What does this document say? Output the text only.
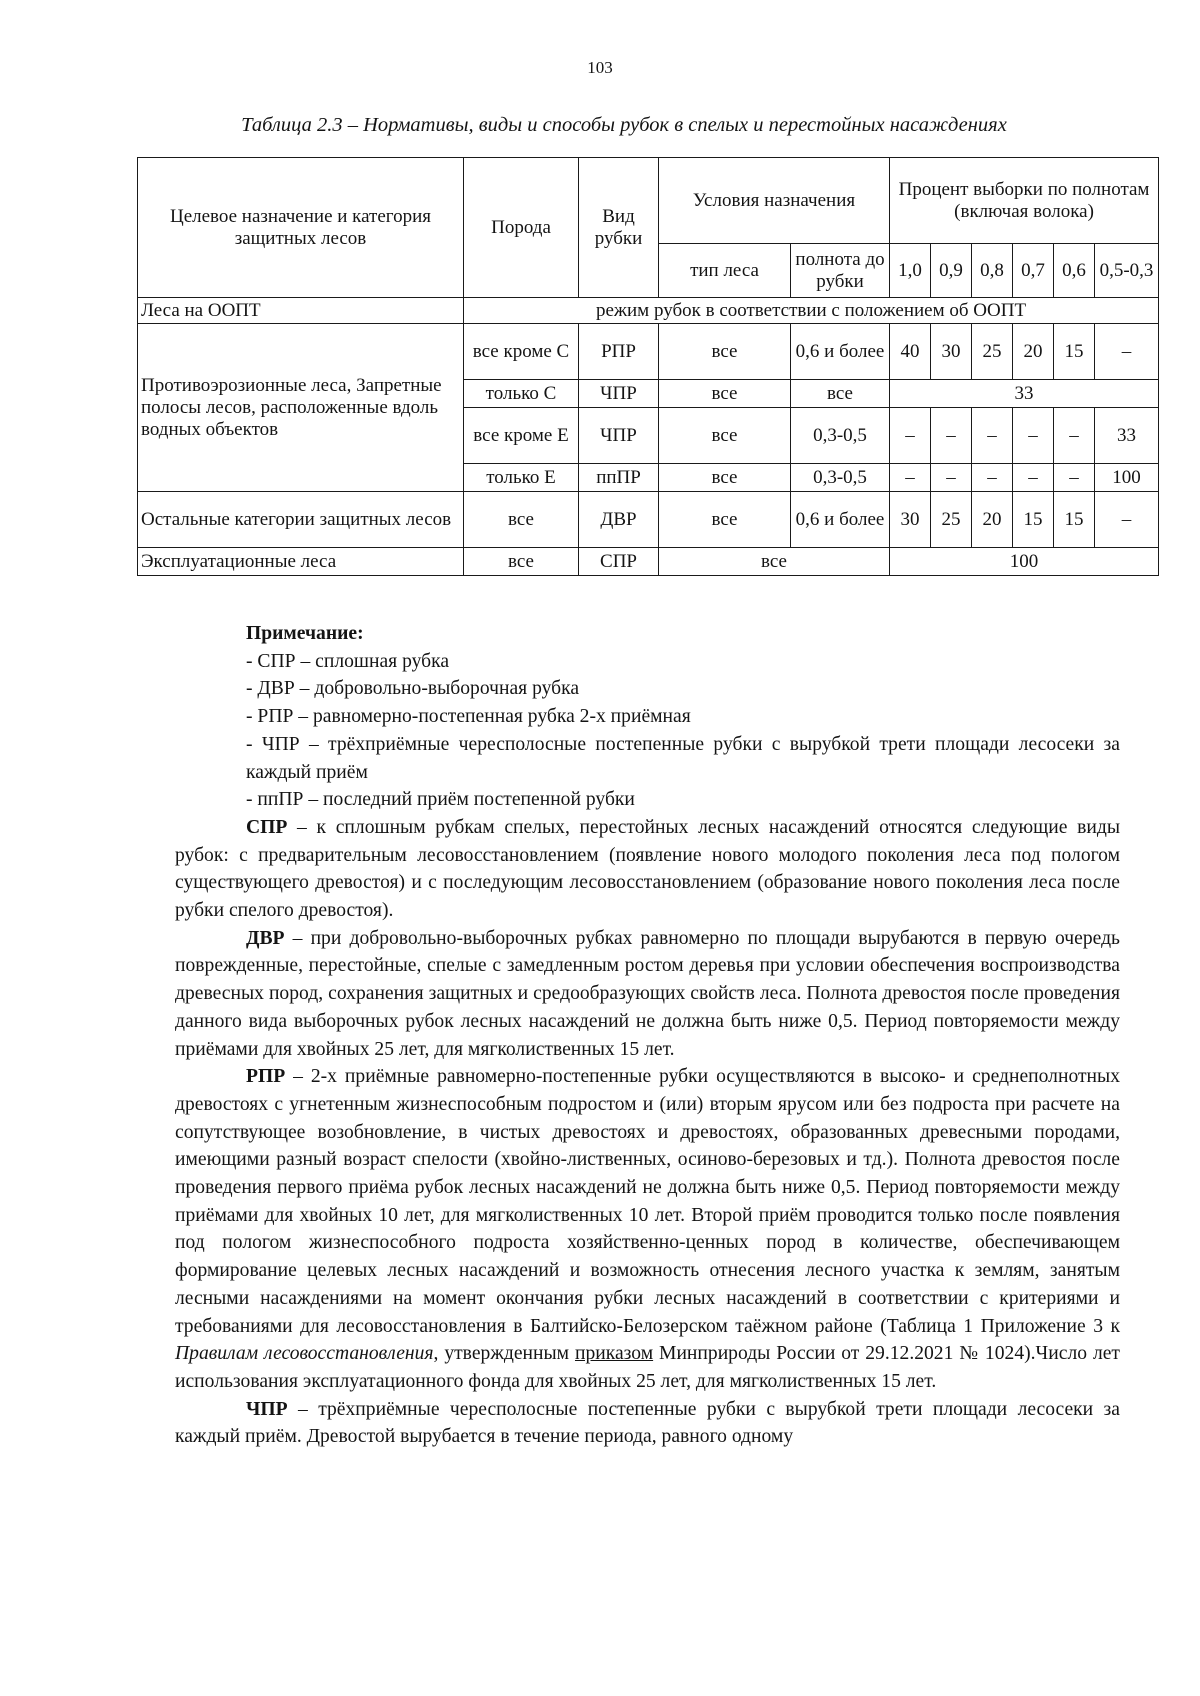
103
Таблица 2.3 – Нормативы, виды и способы рубок в спелых и перестойных насаждениях
Целевое назначение и категория защитных лесов	Порода	Вид рубки	Условия назначения		Процент выборки по полнотам (включая волока)					
			тип леса	полнота до рубки	1,0	0,9	0,8	0,7	0,6	0,5-0,3
Леса на ООПТ	режим рубок в соответствии с положением об ООПТ									
Противоэрозионные леса, Запретные полосы лесов, расположенные вдоль водных объектов	все кроме С	РПР	все	0,6 и более	40	30	25	20	15	–
	только С	ЧПР	все	все	33					
	все кроме Е	ЧПР	все	0,3-0,5	–	–	–	–	–	33
	только Е	ппПР	все	0,3-0,5	–	–	–	–	–	100
Остальные категории защитных лесов	все	ДВР	все	0,6 и более	30	25	20	15	15	–
Эксплуатационные леса	все	СПР	все		100					

Примечание:

- СПР – сплошная рубка

- ДВР – добровольно-выборочная рубка

- РПР – равномерно-постепенная рубка 2-х приёмная

- ЧПР – трёхприёмные чересполосные постепенные рубки с вырубкой трети площади лесосеки за каждый приём

- ппПР – последний приём постепенной рубки

СПР – к сплошным рубкам спелых, перестойных лесных насаждений относятся следующие виды рубок: с предварительным лесовосстановлением (появление нового молодого поколения леса под пологом существующего древостоя) и с последующим лесовосстановлением (образование нового поколения леса после рубки спелого древостоя).

ДВР – при добровольно-выборочных рубках равномерно по площади вырубаются в первую очередь поврежденные, перестойные, спелые с замедленным ростом деревья при условии обеспечения воспроизводства древесных пород, сохранения защитных и средообразующих свойств леса. Полнота древостоя после проведения данного вида выборочных рубок лесных насаждений не должна быть ниже 0,5. Период повторяемости между приёмами для хвойных 25 лет, для мягколиственных 15 лет.

РПР – 2-х приёмные равномерно-постепенные рубки осуществляются в высоко- и среднеполнотных древостоях с угнетенным жизнеспособным подростом и (или) вторым ярусом или без подроста при расчете на сопутствующее возобновление, в чистых древостоях и древостоях, образованных древесными породами, имеющими разный возраст спелости (хвойно-лиственных, осиново-березовых и тд.). Полнота древостоя после проведения первого приёма рубок лесных насаждений не должна быть ниже 0,5. Период повторяемости между приёмами для хвойных 10 лет, для мягколиственных 10 лет. Второй приём проводится только после появления под пологом жизнеспособного подроста хозяйственно-ценных пород в количестве, обеспечивающем формирование целевых лесных насаждений и возможность отнесения лесного участка к землям, занятым лесными насаждениями на момент окончания рубки лесных насаждений в соответствии с критериями и требованиями для лесовосстановления в Балтийско-Белозерском таёжном районе (Таблица 1 Приложение 3 к Правилам лесовосстановления, утвержденным приказом Минприроды России от 29.12.2021 № 1024).Число лет использования эксплуатационного фонда для хвойных 25 лет, для мягколиственных 15 лет.

ЧПР – трёхприёмные чересполосные постепенные рубки с вырубкой трети площади лесосеки за каждый приём. Древостой вырубается в течение периода, равного одному
